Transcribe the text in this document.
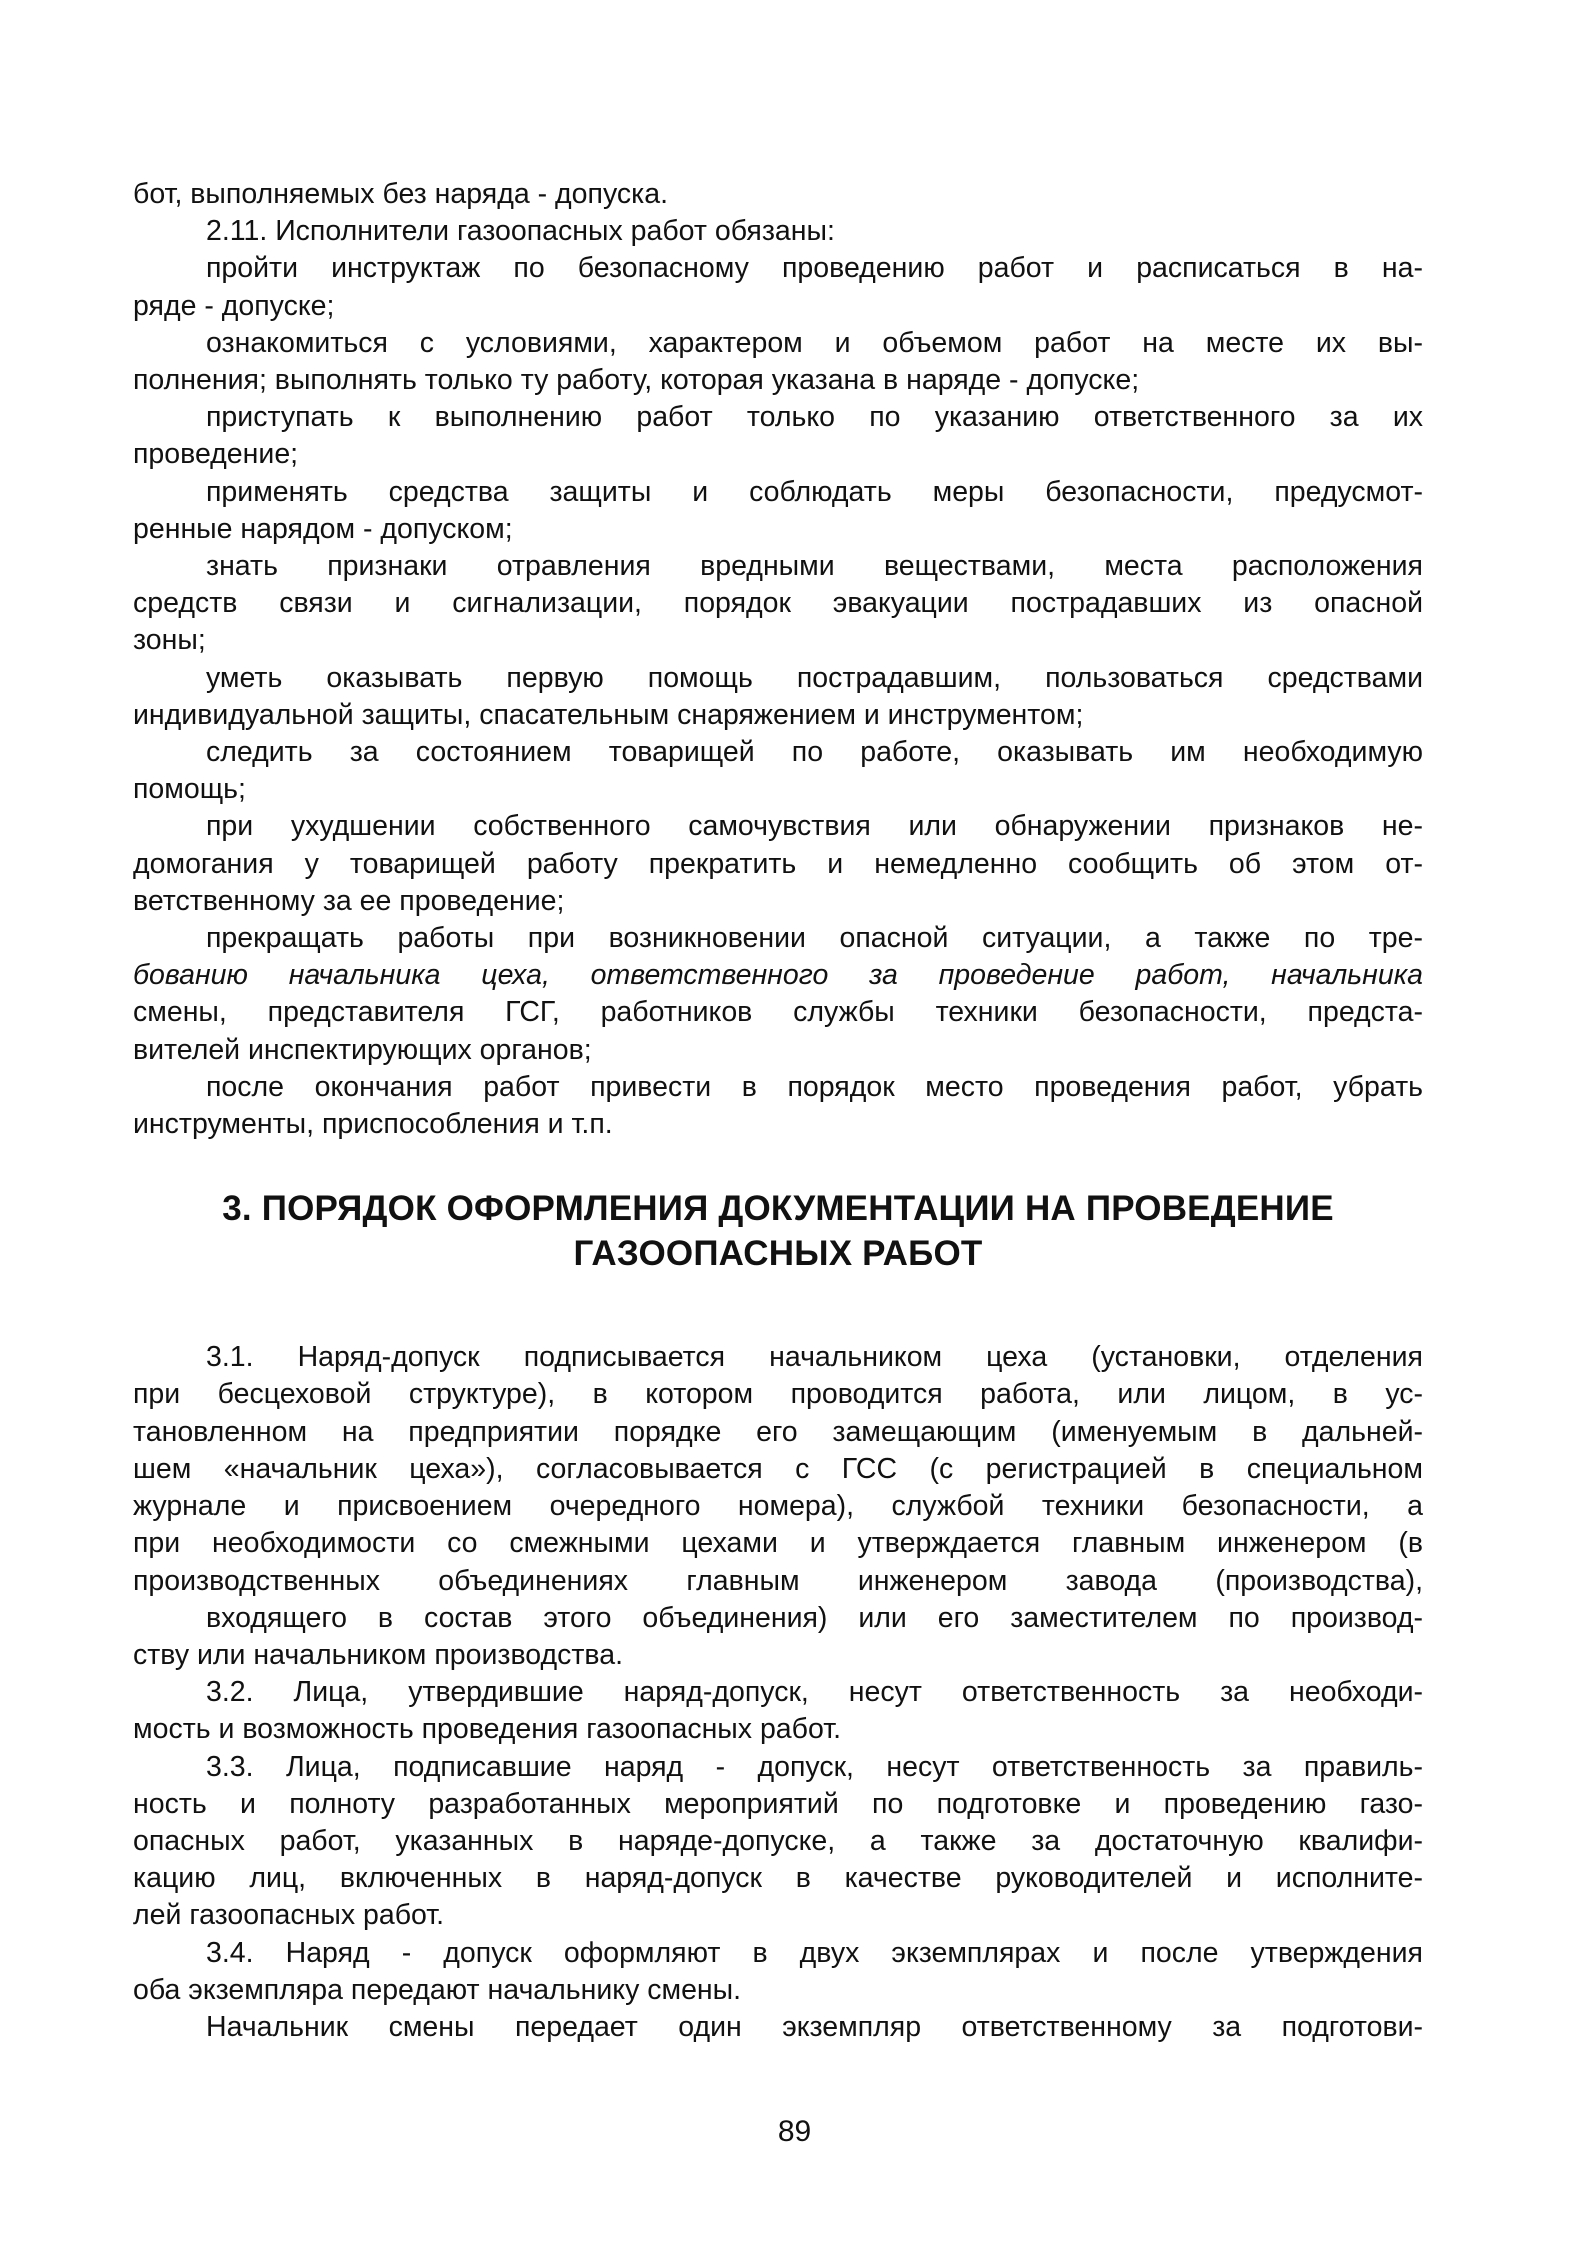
бот, выполняемых без наряда - допуска.

2.11. Исполнители газоопасных работ обязаны:

пройти инструктаж по безопасному проведению работ и расписаться в на-
ряде - допуске;

ознакомиться с условиями, характером и объемом работ на месте их вы-
полнения; выполнять только ту работу, которая указана в наряде - допуске;

приступать к выполнению работ только по указанию ответственного за их
проведение;

применять средства защиты и соблюдать меры безопасности, предусмот-
ренные нарядом - допуском;

знать признаки отравления вредными веществами, места расположения
средств связи и сигнализации, порядок эвакуации пострадавших из опасной
зоны;

уметь оказывать первую помощь пострадавшим, пользоваться средствами
индивидуальной защиты, спасательным снаряжением и инструментом;

следить за состоянием товарищей по работе, оказывать им необходимую
помощь;

при ухудшении собственного самочувствия или обнаружении признаков не-
домогания у товарищей работу прекратить и немедленно сообщить об этом от-
ветственному за ее проведение;

прекращать работы при возникновении опасной ситуации, а также по тре-
бованию начальника цеха, ответственного за проведение работ, начальника
смены, представителя ГСГ, работников службы техники безопасности, предста-
вителей инспектирующих органов;

после окончания работ привести в порядок место проведения работ, убрать
инструменты, приспособления и т.п.

3. ПОРЯДОК ОФОРМЛЕНИЯ ДОКУМЕНТАЦИИ НА ПРОВЕДЕНИЕ
ГАЗООПАСНЫХ РАБОТ

3.1. Наряд-допуск подписывается начальником цеха (установки, отделения
при бесцеховой структуре), в котором проводится работа, или лицом, в ус-
тановленном на предприятии порядке его замещающим (именуемым в дальней-
шем «начальник цеха»), согласовывается с ГСС (с регистрацией в специальном
журнале и присвоением очередного номера), службой техники безопасности, а
при необходимости со смежными цехами и утверждается главным инженером (в
производственных объединениях главным инженером завода (производства),

входящего в состав этого объединения) или его заместителем по производ-
ству или начальником производства.

3.2. Лица, утвердившие наряд-допуск, несут ответственность за необходи-
мость и возможность проведения газоопасных работ.

3.3. Лица, подписавшие наряд - допуск, несут ответственность за правиль-
ность и полноту разработанных мероприятий по подготовке и проведению газо-
опасных работ, указанных в наряде-допуске, а также за достаточную квалифи-
кацию лиц, включенных в наряд-допуск в качестве руководителей и исполните-
лей газоопасных работ.

3.4. Наряд - допуск оформляют в двух экземплярах и после утверждения
оба экземпляра передают начальнику смены.

Начальник смены передает один экземпляр ответственному за подготови-

89
